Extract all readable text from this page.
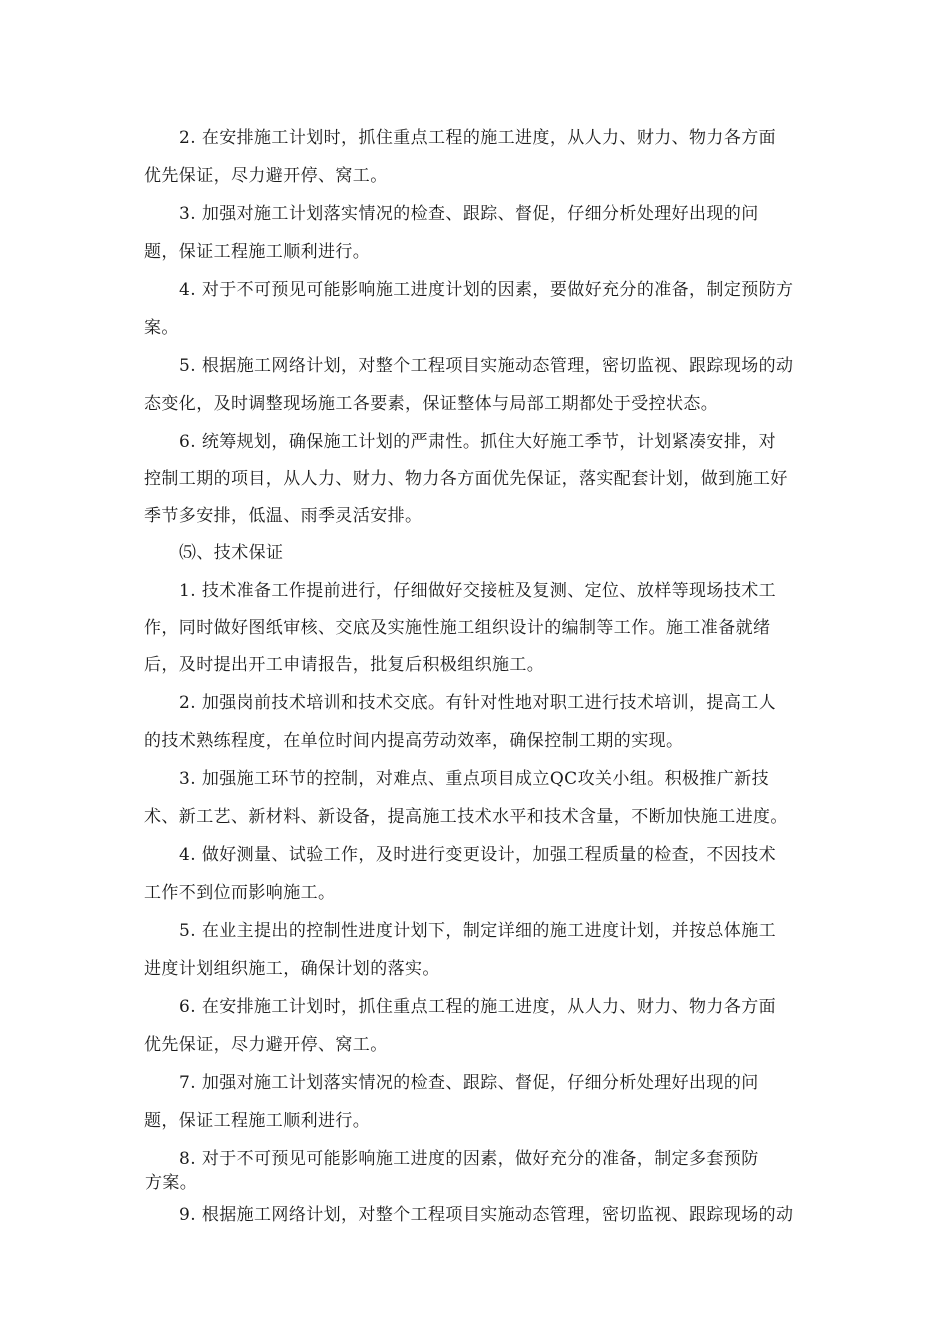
2. 在安排施工计划时，抓住重点工程的施工进度，从人力、财力、物力各方面
优先保证，尽力避开停、窝工。
3. 加强对施工计划落实情况的检查、跟踪、督促，仔细分析处理好出现的问
题，保证工程施工顺利进行。
4. 对于不可预见可能影响施工进度计划的因素，要做好充分的准备，制定预防方
案。
5. 根据施工网络计划，对整个工程项目实施动态管理，密切监视、跟踪现场的动
态变化，及时调整现场施工各要素，保证整体与局部工期都处于受控状态。
6. 统筹规划，确保施工计划的严肃性。抓住大好施工季节，计划紧凑安排，对
控制工期的项目，从人力、财力、物力各方面优先保证，落实配套计划，做到施工好
季节多安排，低温、雨季灵活安排。
⑸、技术保证
1. 技术准备工作提前进行，仔细做好交接桩及复测、定位、放样等现场技术工
作，同时做好图纸审核、交底及实施性施工组织设计的编制等工作。施工准备就绪
后，及时提出开工申请报告，批复后积极组织施工。
2. 加强岗前技术培训和技术交底。有针对性地对职工进行技术培训，提高工人
的技术熟练程度，在单位时间内提高劳动效率，确保控制工期的实现。
3. 加强施工环节的控制，对难点、重点项目成立QC攻关小组。积极推广新技
术、新工艺、新材料、新设备，提高施工技术水平和技术含量，不断加快施工进度。
4. 做好测量、试验工作，及时进行变更设计，加强工程质量的检查，不因技术
工作不到位而影响施工。
5. 在业主提出的控制性进度计划下，制定详细的施工进度计划，并按总体施工
进度计划组织施工，确保计划的落实。
6. 在安排施工计划时，抓住重点工程的施工进度，从人力、财力、物力各方面
优先保证，尽力避开停、窝工。
7. 加强对施工计划落实情况的检查、跟踪、督促，仔细分析处理好出现的问
题，保证工程施工顺利进行。
8. 对于不可预见可能影响施工进度的因素，做好充分的准备，制定多套预防
方案。
9. 根据施工网络计划，对整个工程项目实施动态管理，密切监视、跟踪现场的动
